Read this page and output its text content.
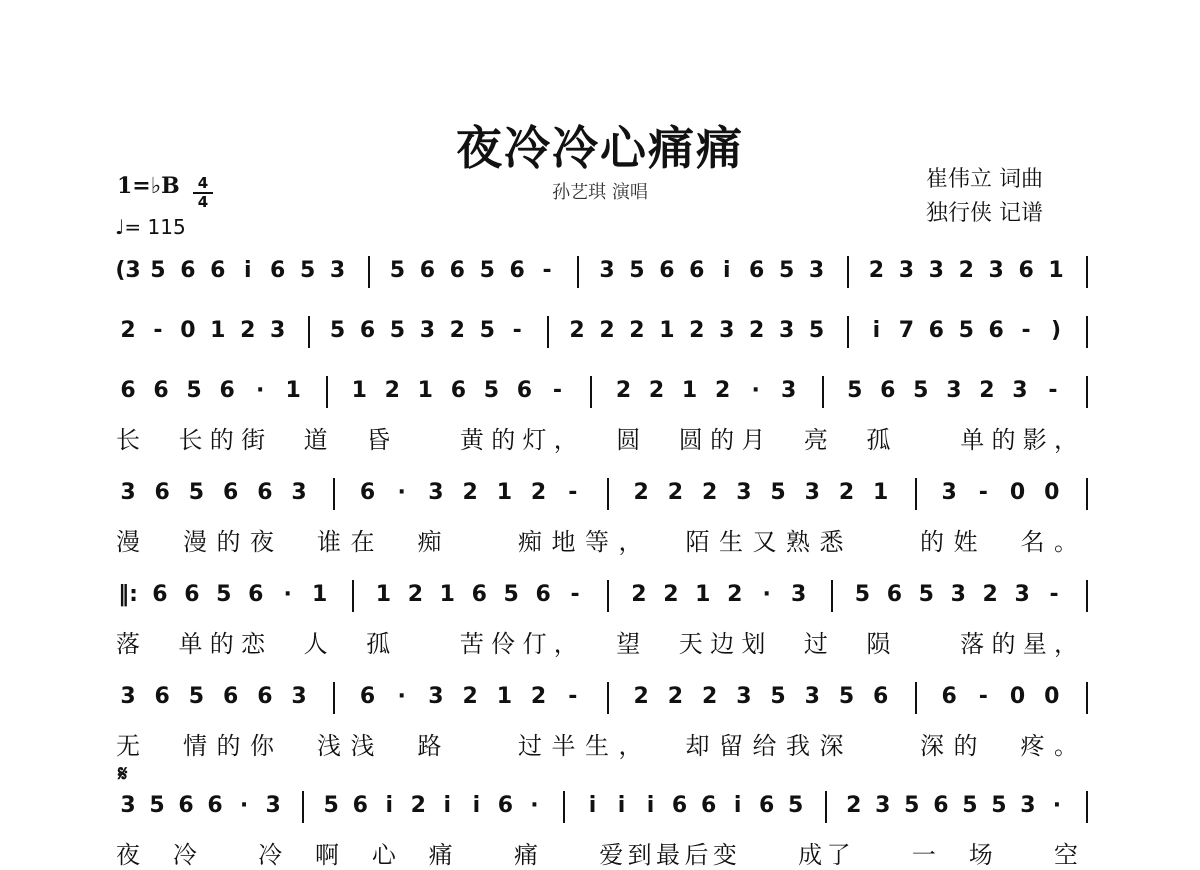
夜冷冷心痛痛
孙艺琪 演唱
崔伟立 词曲
独行侠 记谱
1=♭B	4
4
♩= 115
𝄋
(3 5 6 6 i 6 5 3 5 6 6 5 6 - 3 5 6 6 i 6 5 3 2 3 3 2 3 6 1
2 - 0 1 2 3 5 6 5 3 2 5 - 2 2 2 1 2 3 2 3 5 i 7 6 5 6 - )
6 6 5 6 · 1 1 2 1 6 5 6 - 2 2 1 2 · 3 5 6 5 3 2 3 -
长 长 的 街 道 昏	黄 的 灯 ， 圆 圆 的 月 亮 孤	单 的 影 ，
3 6 5 6 6 3 6 · 3 2 1 2 -	2 2 2 3 5 3 2 1 3 - 0 0
漫 漫 的 夜 谁 在 痴	痴 地 等 ， 陌 生 又 熟 悉	的 姓 名 。
‖: 6 6 5 6 · 1 1 2 1 6 5 6 - 2 2 1 2 · 3 5 6 5 3 2 3 -
落 单 的 恋 人 孤	苦 伶 仃 ， 望 天 边 划 过 陨	落 的 星 ，
3 6 5 6 6 3 6 · 3 2 1 2 -	2 2 2 3 5 3 5 6 6 - 0 0
无 情 的 你 浅 浅 路	过 半 生 ， 却 留 给 我 深	深 的 疼 。
3 5 6 6 · 3 5 6 i 2 i i 6 · i i i 6 6 i 6 5 2 3 5 6 5 5 3 ·
夜 冷	冷 啊 心 痛	痛	爱 到 最 后 变	成 了	一 场	空
